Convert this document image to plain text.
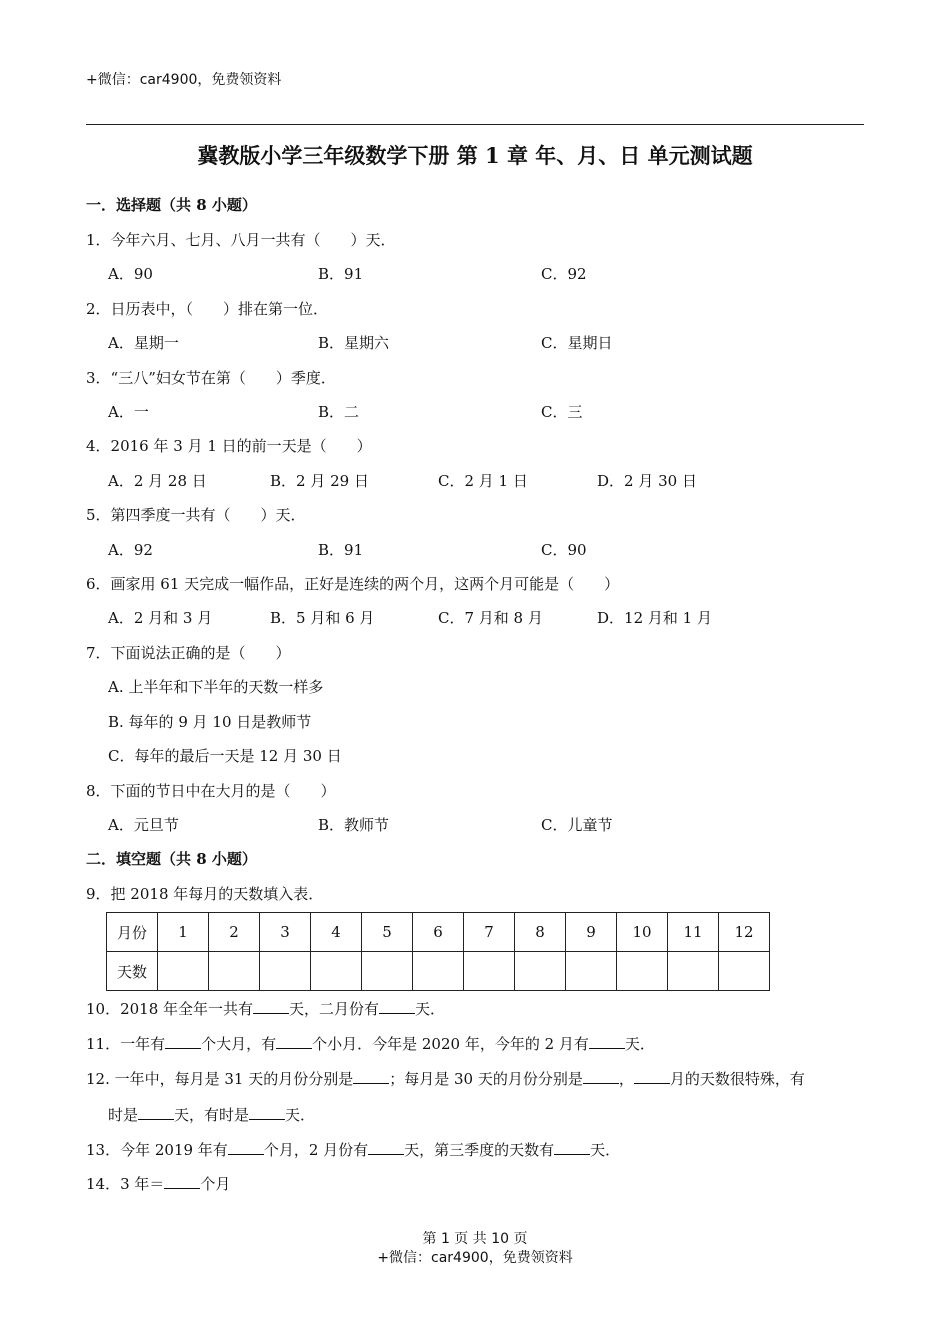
+微信：car4900，免费领资料
冀教版小学三年级数学下册 第 1 章 年、月、日 单元测试题
一．选择题（共 8 小题）
1．今年六月、七月、八月一共有（　　）天．
A．90	B．91	C．92
2．日历表中，（　　）排在第一位．
A．星期一	B．星期六	C．星期日
3．“三八”妇女节在第（　　）季度．
A．一	B．二	C．三
4．2016 年 3 月 1 日的前一天是（　　）
A．2 月 28 日	B．2 月 29 日	C．2 月 1 日	D．2 月 30 日
5．第四季度一共有（　　）天．
A．92	B．91	C．90
6．画家用 61 天完成一幅作品，正好是连续的两个月，这两个月可能是（　　）
A．2 月和 3 月	B．5 月和 6 月	C．7 月和 8 月	D．12 月和 1 月
7．下面说法正确的是（　　）
A. 上半年和下半年的天数一样多
B. 每年的 9 月 10 日是教师节
C．每年的最后一天是 12 月 30 日
8．下面的节日中在大月的是（　　）
A．元旦节	B．教师节	C．儿童节
二．填空题（共 8 小题）
9．把 2018 年每月的天数填入表．
月份	1	2	3	4	5	6	7	8	9	10	11	12
天数												
10．2018 年全年一共有 天，二月份有 天．
11．一年有 个大月，有 个小月．今年是 2020 年，今年的 2 月有 天．
12. 一年中，每月是 31 天的月份分别是 ；每月是 30 天的月份分别是 ， 月的天数很特殊，有
时是 天，有时是 天．
13．今年 2019 年有 个月，2 月份有 天，第三季度的天数有 天．
14．3 年＝ 个月
第 1 页 共 10 页
+微信：car4900，免费领资料
